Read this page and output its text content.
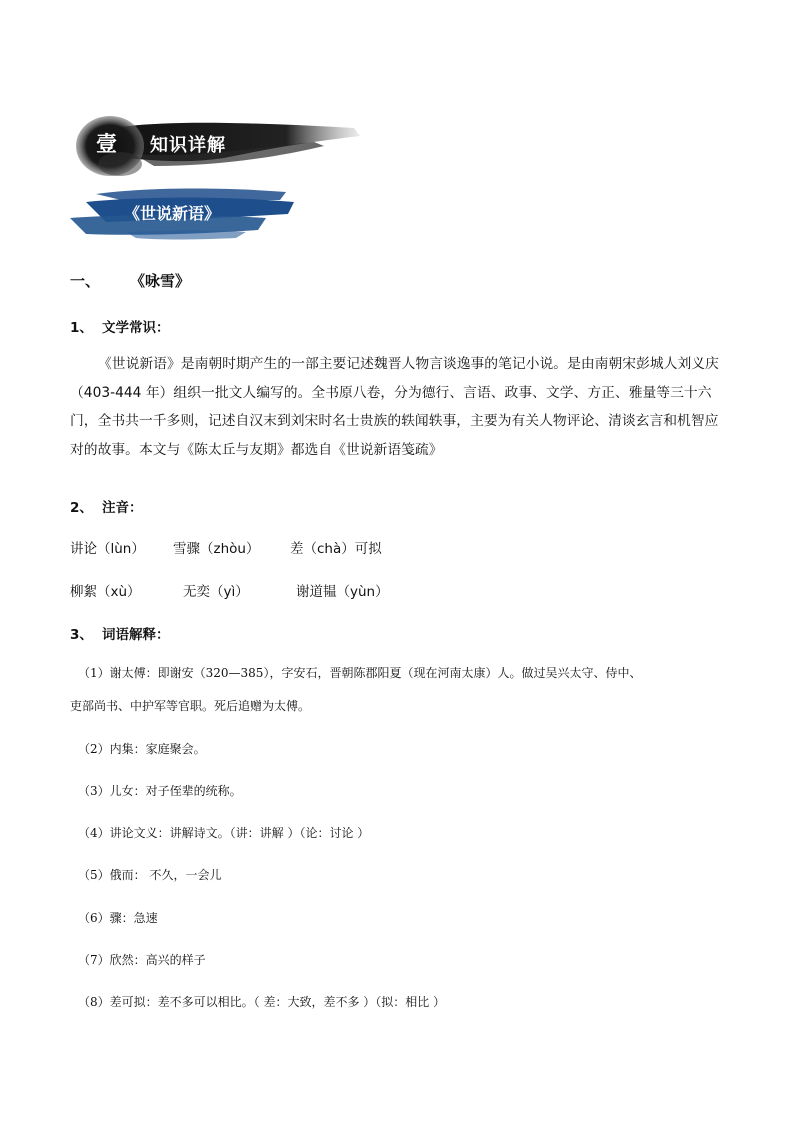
壹 知识详解
《世说新语》
一、 《咏雪》
1、 文学常识：

《世说新语》是南朝时期产生的一部主要记述魏晋人物言谈逸事的笔记小说。是由南朝宋彭城人刘义庆（403-444 年）组织一批文人编写的。全书原八卷，分为德行、言语、政事、文学、方正、雅量等三十六门，全书共一千多则，记述自汉末到刘宋时名士贵族的轶闻轶事，主要为有关人物评论、清谈玄言和机智应对的故事。本文与《陈太丘与友期》都选自《世说新语笺疏》

2、 注音：
讲论（lùn） 雪骤（zhòu） 差（chà）可拟
柳絮（xù）	无奕（yì）	谢道韫（yùn）
3、 词语解释：
（1）谢太傅：即谢安（320—385），字安石，晋朝陈郡阳夏（现在河南太康）人。做过吴兴太守、侍中、
吏部尚书、中护军等官职。死后追赠为太傅。
（2）内集：家庭聚会。
（3）儿女：对子侄辈的统称。
（4）讲论文义：讲解诗文。（讲：讲解 ）（论：讨论 ）
（5）俄而： 不久，一会儿
（6）骤：急速
（7）欣然：高兴的样子
（8）差可拟：差不多可以相比。（ 差：大致，差不多 ）（拟：相比 ）
